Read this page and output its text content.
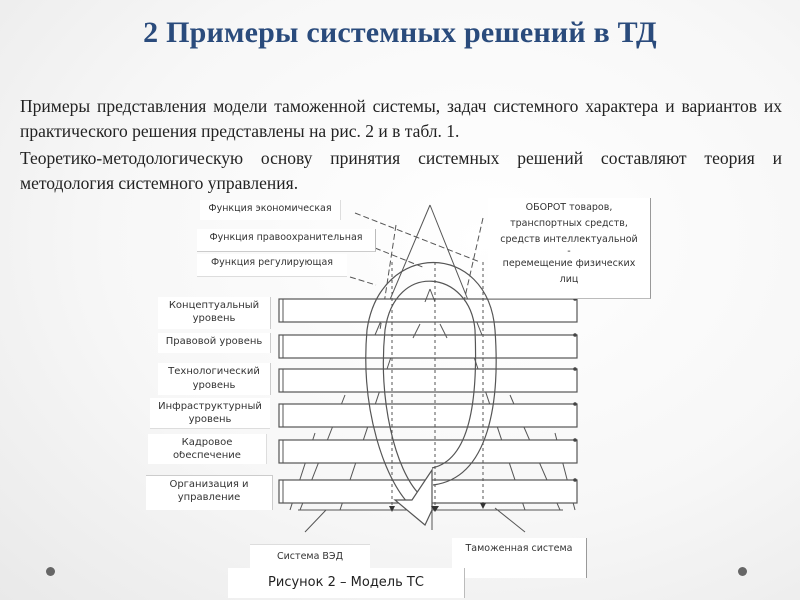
2 Примеры системных решений в ТД
Примеры представления модели таможенной системы, задач системного характера и вариантов их практического решения представлены на рис. 2 и в табл. 1.
Теоретико-методологическую основу принятия системных решений составляют теория и методология системного управления.
Функция экономическая
Функция правоохранительная
Функция регулирующая
ОБОРОТ товаров,
транспортных средств,
средств интеллектуальной
-
перемещение физических
лиц
Концептуальный
уровень
Правовой уровень
Технологический
уровень
Инфраструктурный
уровень
Кадровое
обеспечение
Организация и
управление
Система ВЭД
Таможенная система
Рисунок 2 – Модель ТС
